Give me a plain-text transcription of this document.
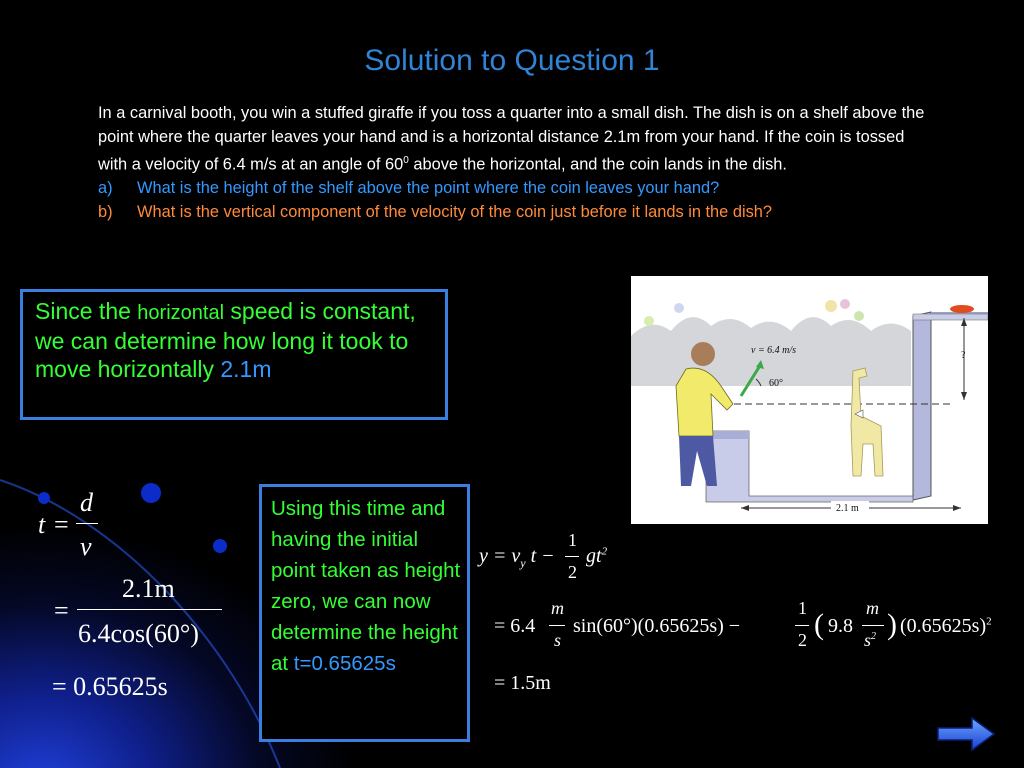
Solution to Question 1
In a carnival booth, you win a stuffed giraffe if you toss a quarter into a small dish. The dish is on a shelf above the point where the quarter leaves your hand and is a horizontal distance 2.1m from your hand. If the coin is tossed with a velocity of 6.4 m/s at an angle of $60^0$ above the horizontal, and the coin lands in the dish.
a) What is the height of the shelf above the point where the coin leaves your hand?
b) What is the vertical component of the velocity of the coin just before it lands in the dish?
Since the horizontal speed is constant, we can determine how long it took to move horizontally 2.1m
Using this time and having the initial point taken as height zero, we can now determine the height at t=0.65625s
v = 6.4 m/s
60°
?
2.1 m
t =
d
v
=
2.1m
6.4cos(60°)
= 0.65625s
$y = v_y$ t −
1
2
$gt^2$
= 6.4
m
s
sin(60°)(0.65625s) −
1
2 ( 9.8
m
$s^2$ ) $(0.65625s)^2$
= 1.5m
